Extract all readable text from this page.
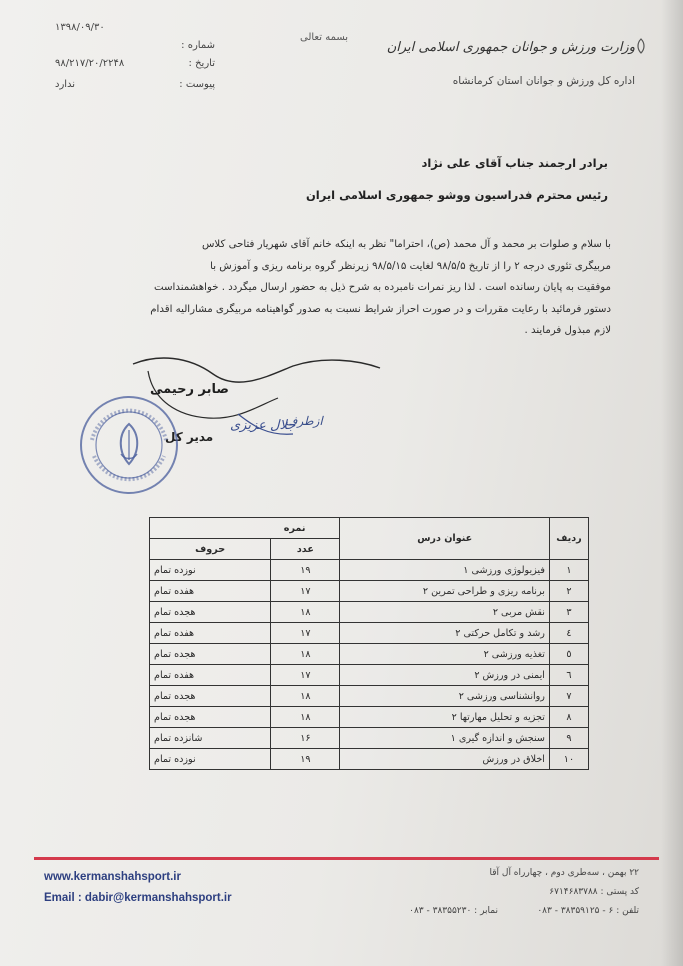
۱۳۹۸/۰۹/۳۰
شماره :
تاریخ :
۹۸/۲۱۷/۲۰/۲۲۴۸
پیوست :
ندارد
بسمه تعالی
وزارت ورزش و جوانان جمهوری اسلامی ایران
اداره کل ورزش و جوانان استان کرمانشاه
برادر ارجمند جناب آقای علی نژاد
رئیس محترم فدراسیون ووشو جمهوری اسلامی ایران

با سلام و صلوات بر محمد و آل محمد (ص)، احتراما" نظر به اینکه خانم آقای شهریار فتاحی کلاس

مربیگری تئوری درجه ۲ را از تاریخ ۹۸/۵/۵ لغایت ۹۸/۵/۱۵ زیرنظر گروه برنامه ریزی و آموزش با

موفقیت به پایان رسانده است . لذا ریز نمرات نامبرده به شرح ذیل به حضور ارسال میگردد . خواهشمنداست

دستور فرمائید با رعایت مقررات و در صورت احراز شرایط نسبت به صدور گواهینامه مربیگری مشارالیه اقدام

لازم مبذول فرمایند .

صابر رحیمی
ازطرف
جلال عزیزی
مدیر کل
ردیف	عنوان درس	نمره	
		عدد	حروف
۱	فیزیولوژی ورزشی ۱	۱۹	نوزده تمام
۲	برنامه ریزی و طراحی تمرین ۲	۱۷	هفده تمام
۳	نقش مربی ۲	۱۸	هجده تمام
٤	رشد و تکامل حرکتی ۲	۱۷	هفده تمام
٥	تغذیه ورزشی ۲	۱۸	هجده تمام
٦	ایمنی در ورزش ۲	۱۷	هفده تمام
۷	روانشناسی ورزشی ۲	۱۸	هجده تمام
۸	تجزیه و تحلیل مهارتها ۲	۱۸	هجده تمام
۹	سنجش و اندازه گیری ۱	۱۶	شانزده تمام
۱۰	اخلاق در ورزش	۱۹	نوزده تمام
www.kermanshahsport.ir
Email : dabir@kermanshahsport.ir
۲۲ بهمن ، سه‌طری دوم ، چهارراه آل آقا
کد پستی : ۶۷۱۴۶۸۳۷۸۸
تلفن : ۶ - ۳۸۳۵۹۱۲۵ - ۰۸۳
نمابر : ۳۸۳۵۵۲۳۰ - ۰۸۳
